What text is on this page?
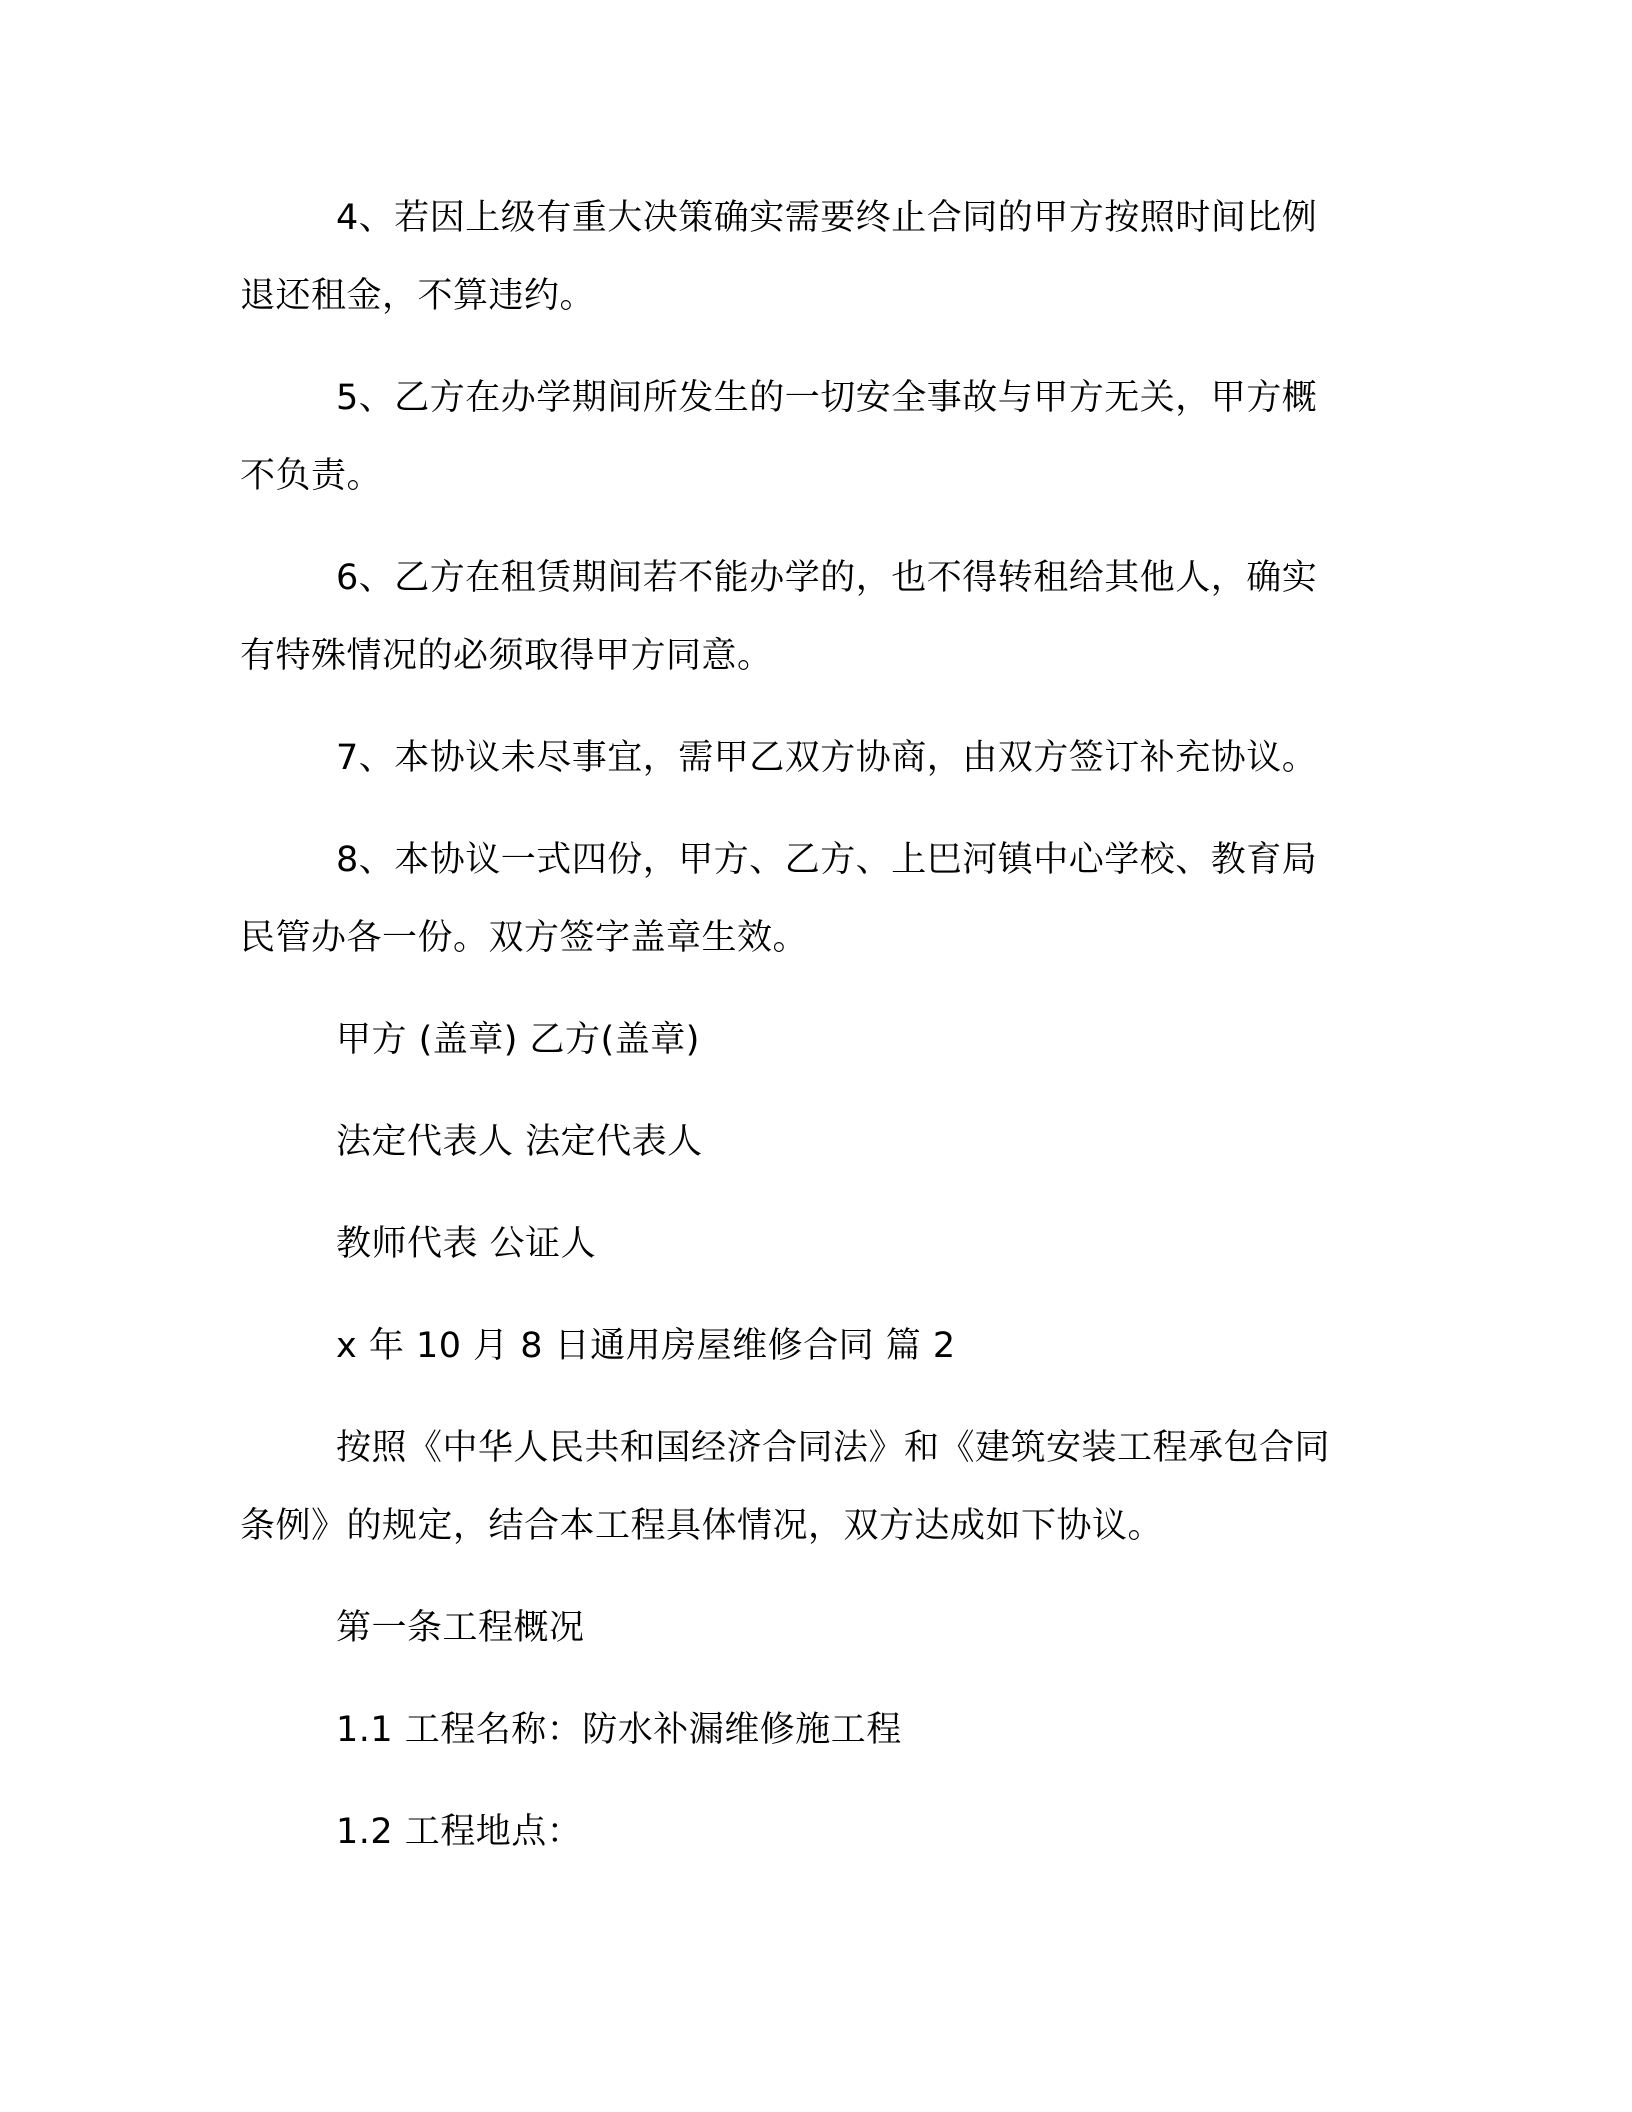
4、若因上级有重大决策确实需要终止合同的甲方按照时间比例
退还租金，不算违约。
5、乙方在办学期间所发生的一切安全事故与甲方无关，甲方概
不负责。
6、乙方在租赁期间若不能办学的，也不得转租给其他人，确实
有特殊情况的必须取得甲方同意。
7、本协议未尽事宜，需甲乙双方协商，由双方签订补充协议。
8、本协议一式四份，甲方、乙方、上巴河镇中心学校、教育局
民管办各一份。双方签字盖章生效。
甲方 (盖章) 乙方(盖章)
法定代表人 法定代表人
教师代表 公证人
x 年 10 月 8 日通用房屋维修合同 篇 2
按照《中华人民共和国经济合同法》和《建筑安装工程承包合同
条例》的规定，结合本工程具体情况，双方达成如下协议。
第一条工程概况
1.1 工程名称：防水补漏维修施工程
1.2 工程地点：
